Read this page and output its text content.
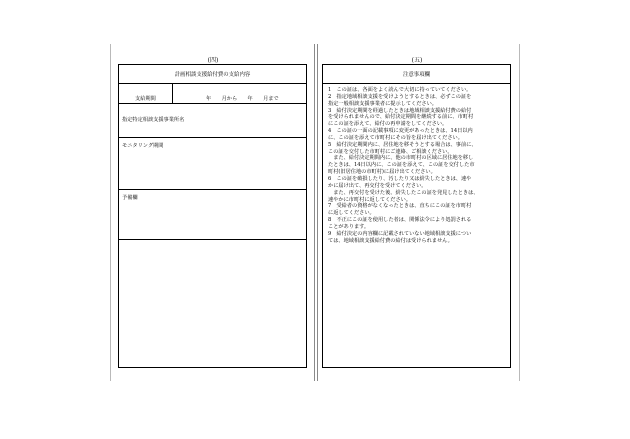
(四)
計画相談支援給付費の支給内容
支給期間	年　　月から　　年　　月まで
指定特定相談支援事業所名
モニタリング期間
予備欄
(五)
注意事項欄
1　この証は、各面をよく読んで大切に持っていてください。
2　指定地域相談支援を受けようとするときは、必ずこの証を
指定一般相談支援事業者に提示してください。
3　給付決定期間を経過したときは地域相談支援給付費の給付
を受けられませんので、給付決定期間を継続する前に、市町村
にこの証を添えて、給付の再申請をしてください。
4　この証の一面の記載事項に変更があったときは、14日以内
に、この証を添えて市町村にその旨を届け出てください。
5　給付決定期間内に、居住地を移そうとする場合は、事前に、
この証を交付した市町村にご連絡、ご相談ください。
　また、給付決定期間内に、他の市町村の区域に居住地を移し
たときは、14日以内に、この証を添えて、この証を交付した市
町村(旧居住地の市町村)に届け出てください。
6　この証を破損したり、汚したり又は紛失したときは、速や
かに届け出て、再交付を受けてください。
　また、再交付を受けた後、紛失したこの証を発見したときは、
速やかに市町村に返してください。
7　受給者の資格がなくなったときは、直ちにこの証を市町村
に返してください。
8　不正にこの証を使用した者は、関係法令により処罰される
ことがあります。
9　給付決定の内容欄に記載されていない地域相談支援につい
ては、地域相談支援給付費の給付は受けられません。
